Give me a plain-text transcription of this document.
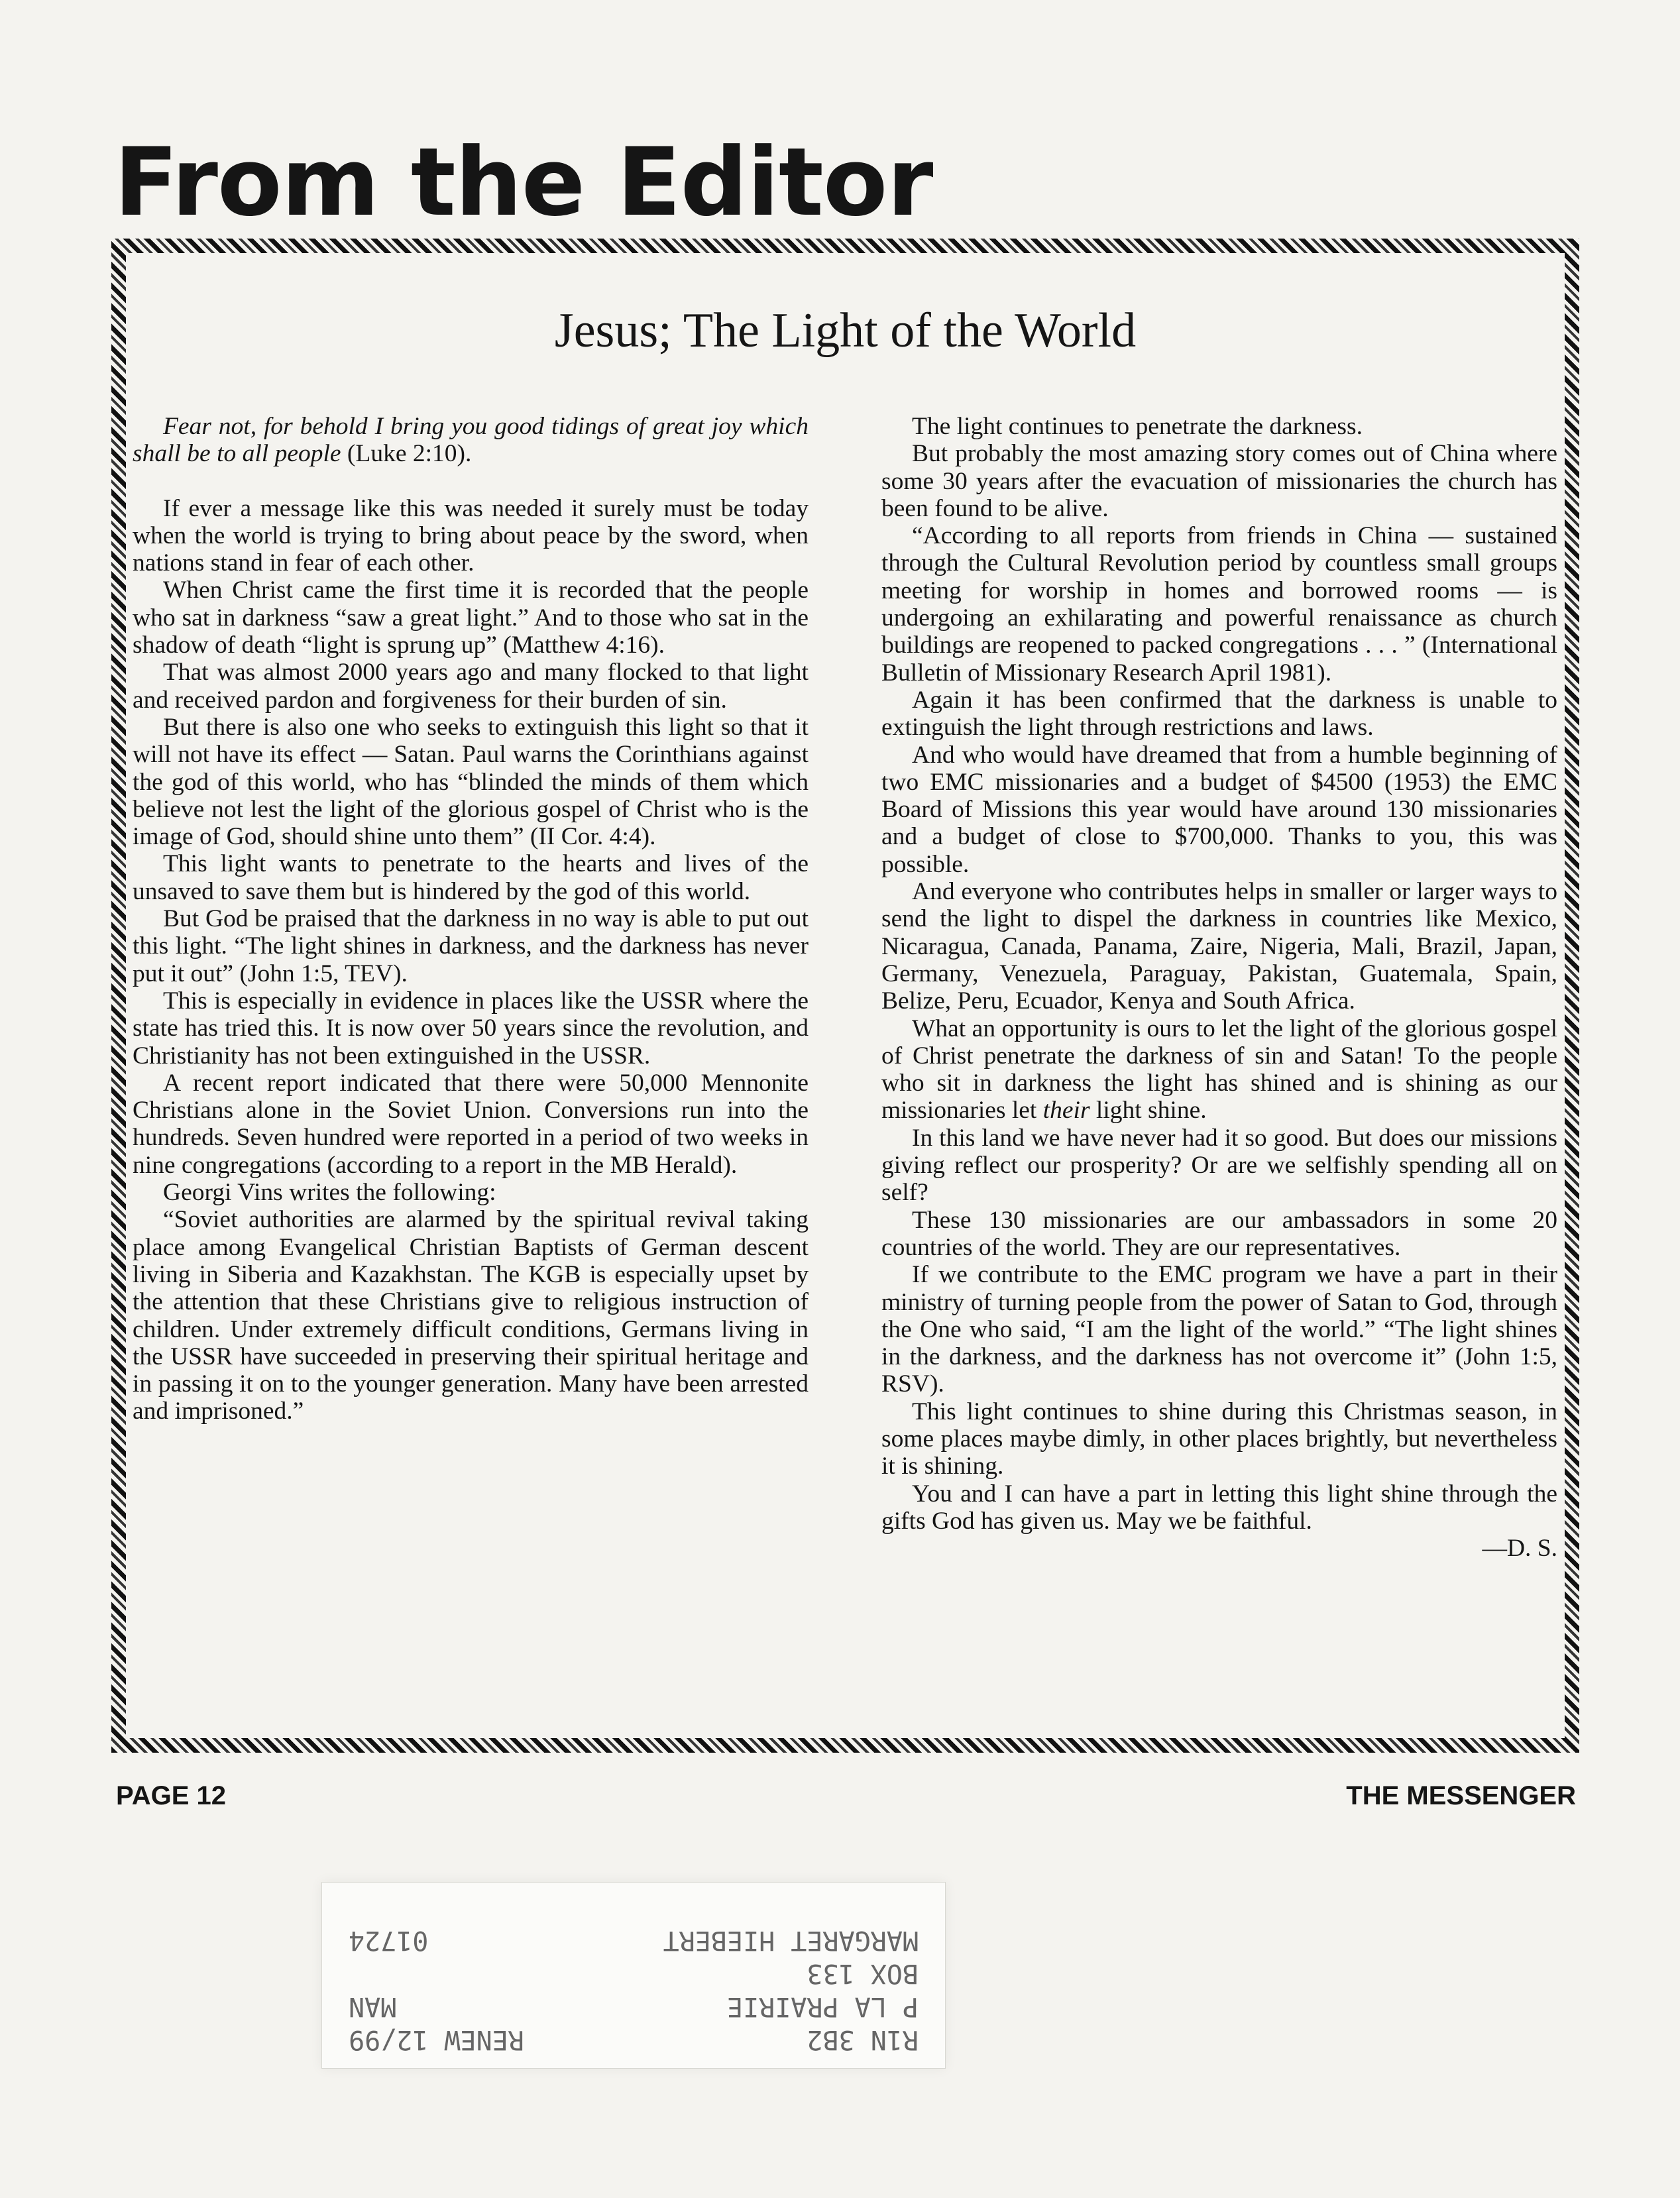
From the Editor
Jesus; The Light of the World

Fear not, for behold I bring you good tidings of great joy which shall be to all people (Luke 2:10).

If ever a message like this was needed it surely must be today when the world is trying to bring about peace by the sword, when nations stand in fear of each other.

When Christ came the first time it is recorded that the people who sat in darkness “saw a great light.” And to those who sat in the shadow of death “light is sprung up” (Matthew 4:16).

That was almost 2000 years ago and many flocked to that light and received pardon and forgiveness for their burden of sin.

But there is also one who seeks to extinguish this light so that it will not have its effect — Satan. Paul warns the Corinthians against the god of this world, who has “blinded the minds of them which believe not lest the light of the glorious gospel of Christ who is the image of God, should shine unto them” (II Cor. 4:4).

This light wants to penetrate to the hearts and lives of the unsaved to save them but is hindered by the god of this world.

But God be praised that the darkness in no way is able to put out this light. “The light shines in darkness, and the darkness has never put it out” (John 1:5, TEV).

This is especially in evidence in places like the USSR where the state has tried this. It is now over 50 years since the revolution, and Christianity has not been extinguished in the USSR.

A recent report indicated that there were 50,000 Mennonite Christians alone in the Soviet Union. Conversions run into the hundreds. Seven hundred were reported in a period of two weeks in nine congregations (according to a report in the MB Herald).

Georgi Vins writes the following:

“Soviet authorities are alarmed by the spiritual revival taking place among Evangelical Christian Baptists of German descent living in Siberia and Kazakhstan. The KGB is especially upset by the attention that these Christians give to religious instruction of children. Under extremely difficult conditions, Germans living in the USSR have succeeded in preserving their spiritual heritage and in passing it on to the younger generation. Many have been arrested and imprisoned.”

The light continues to penetrate the darkness.

But probably the most amazing story comes out of China where some 30 years after the evacuation of missionaries the church has been found to be alive.

“According to all reports from friends in China — sustained through the Cultural Revolution period by countless small groups meeting for worship in homes and borrowed rooms — is undergoing an exhilarating and powerful renaissance as church buildings are reopened to packed congregations . . . ” (International Bulletin of Missionary Research April 1981).

Again it has been confirmed that the darkness is unable to extinguish the light through restrictions and laws.

And who would have dreamed that from a humble beginning of two EMC missionaries and a budget of $4500 (1953) the EMC Board of Missions this year would have around 130 missionaries and a budget of close to $700,000. Thanks to you, this was possible.

And everyone who contributes helps in smaller or larger ways to send the light to dispel the darkness in countries like Mexico, Nicaragua, Canada, Panama, Zaire, Nigeria, Mali, Brazil, Japan, Germany, Venezuela, Paraguay, Pakistan, Guatemala, Spain, Belize, Peru, Ecuador, Kenya and South Africa.

What an opportunity is ours to let the light of the glorious gospel of Christ penetrate the darkness of sin and Satan! To the people who sit in darkness the light has shined and is shining as our missionaries let their light shine.

In this land we have never had it so good. But does our missions giving reflect our prosperity? Or are we selfishly spending all on self?

These 130 missionaries are our ambassadors in some 20 countries of the world. They are our representatives.

If we contribute to the EMC program we have a part in their ministry of turning people from the power of Satan to God, through the One who said, “I am the light of the world.” “The light shines in the darkness, and the darkness has not overcome it” (John 1:5, RSV).

This light continues to shine during this Christmas season, in some places maybe dimly, in other places brightly, but nevertheless it is shining.

You and I can have a part in letting this light shine through the gifts God has given us. May we be faithful.

—D. S.

PAGE 12	THE MESSENGER
R1N 3B2
RENEW 12/99
P LA PRAIRIE
MAN
BOX 133
MARGARET HIEBERT
01724
